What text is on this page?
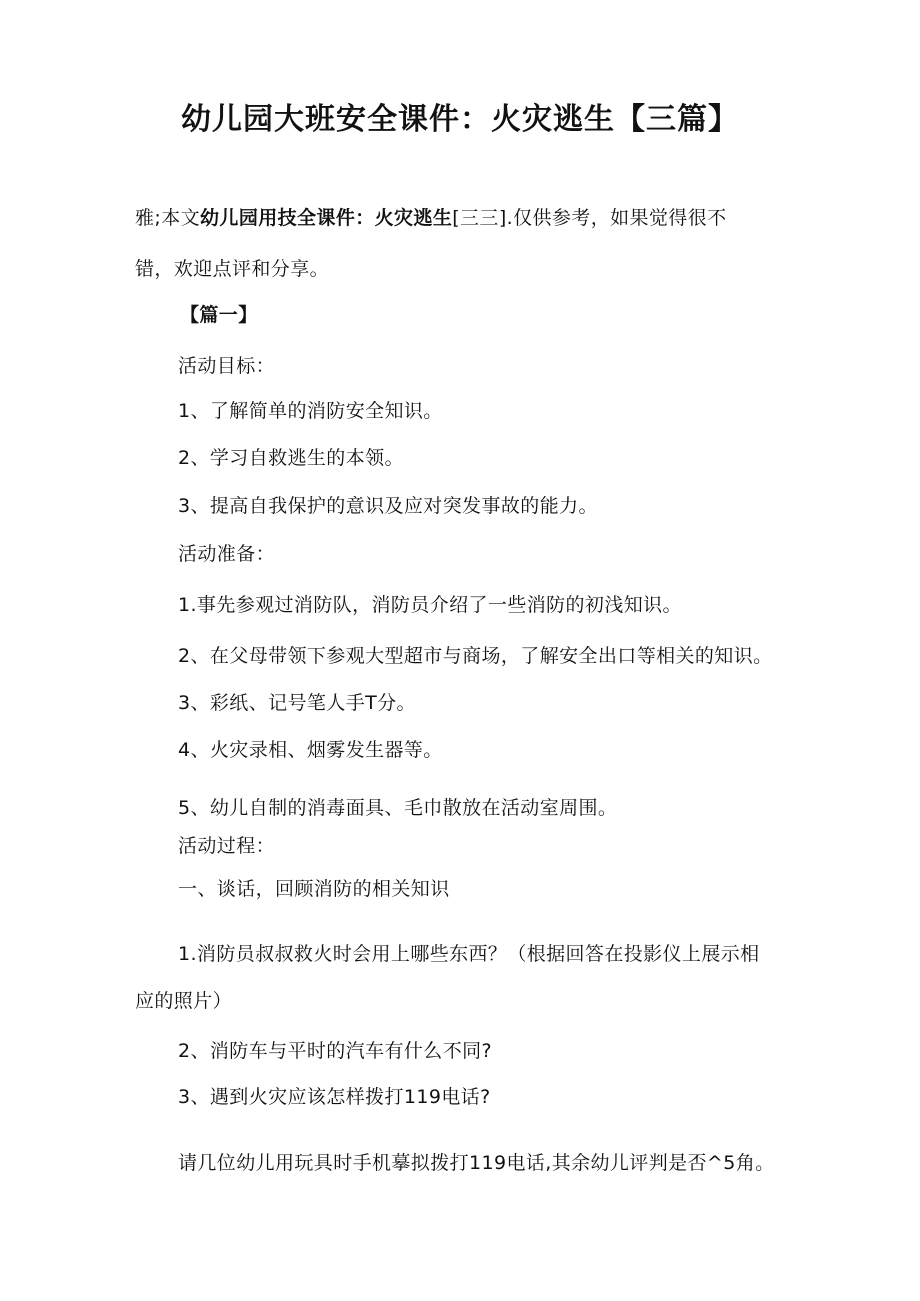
幼儿园大班安全课件：火灾逃生【三篇】
雅;本文幼儿园用技全课件：火灾逃生[三三].仅供参考，如果觉得很不
错，欢迎点评和分享。
【篇一】
活动目标：
1、了解简单的消防安全知识。
2、学习自救逃生的本领。
3、提高自我保护的意识及应对突发事故的能力。
活动准备：
1.事先参观过消防队，消防员介绍了一些消防的初浅知识。
2、在父母带领下参观大型超市与商场，了解安全出口等相关的知识。
3、彩纸、记号笔人手T分。
4、火灾录相、烟雾发生器等。
5、幼儿自制的消毒面具、毛巾散放在活动室周围。
活动过程：
一、谈话，回顾消防的相关知识
1.消防员叔叔救火时会用上哪些东西？（根据回答在投影仪上展示相
应的照片）
2、消防车与平时的汽车有什么不同?
3、遇到火灾应该怎样拨打119电话?
请几位幼儿用玩具时手机摹拟拨打119电话,其余幼儿评判是否^5角。
